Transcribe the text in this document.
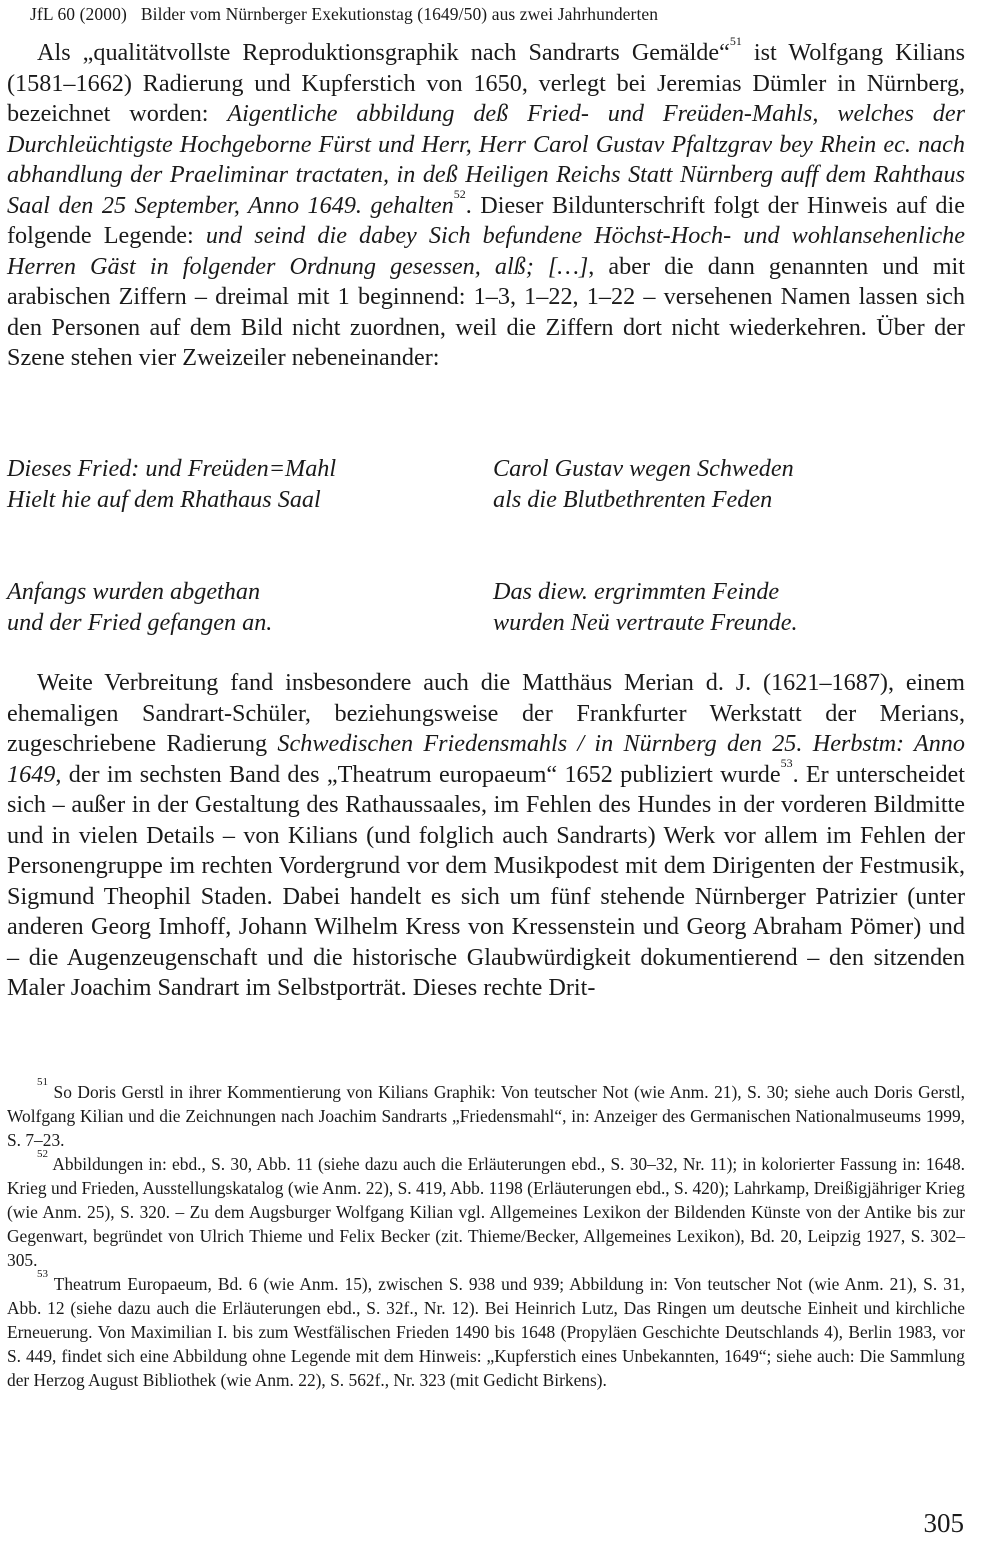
JfL 60 (2000) Bilder vom Nürnberger Exekutionstag (1649/50) aus zwei Jahrhunderten

Als „qualitätvollste Reproduktionsgraphik nach Sandrarts Gemälde“$^{51}$ ist Wolfgang Kilians (1581–1662) Radierung und Kupferstich von 1650, verlegt bei Jeremias Dümler in Nürnberg, bezeichnet worden: Aigentliche abbildung deß Fried- und Freüden-Mahls, welches der Durchleüchtigste Hochgeborne Fürst und Herr, Herr Carol Gustav Pfaltzgrav bey Rhein ec. nach abhandlung der Praeliminar tractaten, in deß Heiligen Reichs Statt Nürnberg auff dem Rahthaus Saal den 25 September, Anno 1649. gehalten$^{52}$. Dieser Bildunterschrift folgt der Hinweis auf die folgende Legende: und seind die dabey Sich befundene Höchst-Hoch- und wohlansehenliche Herren Gäst in folgender Ordnung gesessen, alß; […], aber die dann genannten und mit arabischen Ziffern – dreimal mit 1 beginnend: 1–3, 1–22, 1–22 – versehenen Namen lassen sich den Personen auf dem Bild nicht zuordnen, weil die Ziffern dort nicht wiederkehren. Über der Szene stehen vier Zweizeiler nebeneinander:

Dieses Fried: und Freüden=Mahl
Hielt hie auf dem Rhathaus Saal
Carol Gustav wegen Schweden
als die Blutbethrenten Feden
Anfangs wurden abgethan
und der Fried gefangen an.
Das diew. ergrimmten Feinde
wurden Neü vertraute Freunde.

Weite Verbreitung fand insbesondere auch die Matthäus Merian d. J. (1621–1687), einem ehemaligen Sandrart-Schüler, beziehungsweise der Frankfurter Werkstatt der Merians, zugeschriebene Radierung Schwedischen Friedensmahls / in Nürnberg den 25. Herbstm: Anno 1649, der im sechsten Band des „Theatrum europaeum“ 1652 publiziert wurde$^{53}$. Er unterscheidet sich – außer in der Gestaltung des Rathaussaales, im Fehlen des Hundes in der vorderen Bildmitte und in vielen Details – von Kilians (und folglich auch Sandrarts) Werk vor allem im Fehlen der Personengruppe im rechten Vordergrund vor dem Musikpodest mit dem Dirigenten der Festmusik, Sigmund Theophil Staden. Dabei handelt es sich um fünf stehende Nürnberger Patrizier (unter anderen Georg Imhoff, Johann Wilhelm Kress von Kressenstein und Georg Abraham Pömer) und – die Augenzeugenschaft und die historische Glaubwürdigkeit dokumentierend – den sitzenden Maler Joachim Sandrart im Selbstporträt. Dieses rechte Drit-

$^{51}$ So Doris Gerstl in ihrer Kommentierung von Kilians Graphik: Von teutscher Not (wie Anm. 21), S. 30; siehe auch Doris Gerstl, Wolfgang Kilian und die Zeichnungen nach Joachim Sandrarts „Friedensmahl“, in: Anzeiger des Germanischen Nationalmuseums 1999, S. 7–23.

$^{52}$ Abbildungen in: ebd., S. 30, Abb. 11 (siehe dazu auch die Erläuterungen ebd., S. 30–32, Nr. 11); in kolorierter Fassung in: 1648. Krieg und Frieden, Ausstellungskatalog (wie Anm. 22), S. 419, Abb. 1198 (Erläuterungen ebd., S. 420); Lahrkamp, Dreißigjähriger Krieg (wie Anm. 25), S. 320. – Zu dem Augsburger Wolfgang Kilian vgl. Allgemeines Lexikon der Bildenden Künste von der Antike bis zur Gegenwart, begründet von Ulrich Thieme und Felix Becker (zit. Thieme/Becker, Allgemeines Lexikon), Bd. 20, Leipzig 1927, S. 302–305.

$^{53}$ Theatrum Europaeum, Bd. 6 (wie Anm. 15), zwischen S. 938 und 939; Abbildung in: Von teutscher Not (wie Anm. 21), S. 31, Abb. 12 (siehe dazu auch die Erläuterungen ebd., S. 32f., Nr. 12). Bei Heinrich Lutz, Das Ringen um deutsche Einheit und kirchliche Erneuerung. Von Maximilian I. bis zum Westfälischen Frieden 1490 bis 1648 (Propyläen Geschichte Deutschlands 4), Berlin 1983, vor S. 449, findet sich eine Abbildung ohne Legende mit dem Hinweis: „Kupferstich eines Unbekannten, 1649“; siehe auch: Die Sammlung der Herzog August Bibliothek (wie Anm. 22), S. 562f., Nr. 323 (mit Gedicht Birkens).

305
